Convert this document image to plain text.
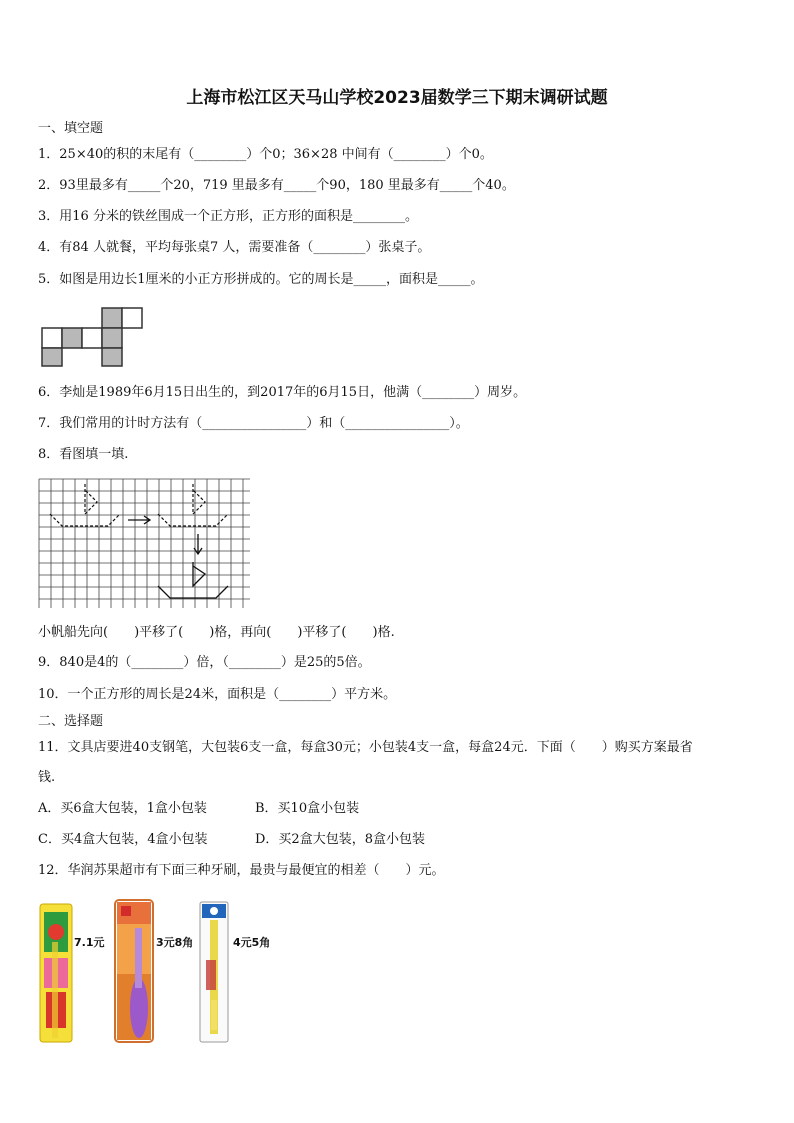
上海市松江区天马山学校2023届数学三下期末调研试题
一、填空题
1．25×40的积的末尾有（________）个0；36×28 中间有（________）个0。
2．93里最多有_____个20，719 里最多有_____个90，180 里最多有_____个40。
3．用16 分米的铁丝围成一个正方形，正方形的面积是________。
4．有84 人就餐，平均每张桌7 人，需要准备（________）张桌子。
5．如图是用边长1厘米的小正方形拼成的。它的周长是_____，面积是_____。
6．李灿是1989年6月15日出生的，到2017年的6月15日，他满（________）周岁。
7．我们常用的计时方法有（________________）和（________________）。
8．看图填一填.
小帆船先向(　　)平移了(　　)格，再向(　　)平移了(　　)格.
9．840是4的（________）倍，（________）是25的5倍。
10．一个正方形的周长是24米，面积是（________）平方米。
二、选择题
11．文具店要进40支钢笔，大包装6支一盒，每盒30元；小包装4支一盒，每盒24元．下面（　　）购买方案最省
钱.
A．买6盒大包装，1盒小包装	B．买10盒小包装
C．买4盒大包装，4盒小包装	D．买2盒大包装，8盒小包装
12．华润苏果超市有下面三种牙刷，最贵与最便宜的相差（　　）元。
7.1元	3元8角	4元5角
